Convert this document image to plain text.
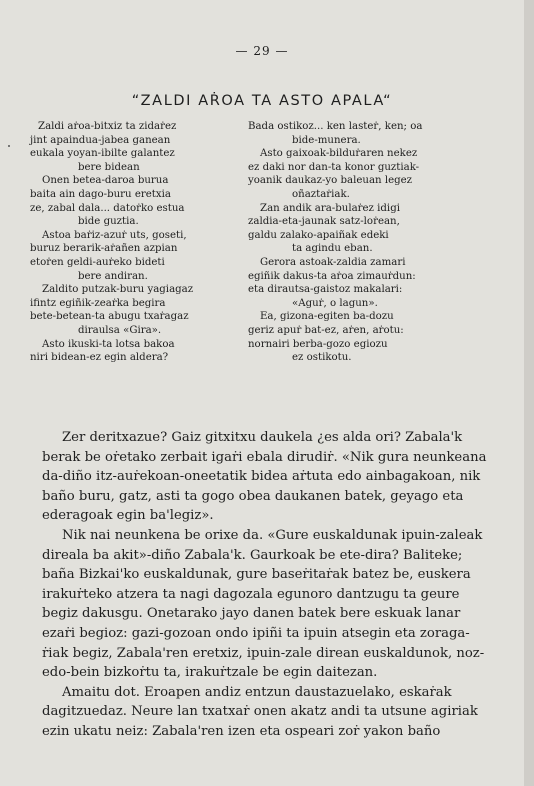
— 29 —
“ZALDI AṘOA TA ASTO APALA“
Zaldi aṙoa-bitxiz ta zidaṙez
jint apaindua-jabea ganean
eukala yoyan-ibilte galantez
bere bidean
Onen betea-daroa buruа
baita ain dago-buru eretxia
ze, zabal dala... datoṙko estua
bide guztia.
Astoa baṙiz-azuṙ uts, goseti,
buruz berarik-aṙañen azpian
etoṙen geldi-auṙeko bideti
bere andiran.
Zaldito putzak-buru yagiagaz
ifintz egiñik-zeaṙka begira
bete-betean-ta abugu txaṙagaz
diraulsa «Gira».
Asto ikuski-ta lotsa bakoa
niri bidean-ez egin aldera?
Bada ostikoz... ken lasteṙ, ken; oa
bide-munera.
Asto gaixoak-bilduṙaren nekez
ez daki nor dan-ta konor guztiak-
yoanik daukaz-yo baleuan legez
oñaztaṙiak.
Zan andik ara-bulaṙez idigi
zaldia-eta-jaunak satz-loṙean,
galdu zalako-apaiñak edeki
ta agindu eban.
Gerora astoak-zaldia zamari
egiñik dakus-ta aṙoa zimauṙdun:
eta dirautsa-gaistoz makalari:
«Aguṙ, o lagun».
Ea, gizona-egiten ba-dozu
geriz apuṙ bat-ez, aṙen, aṙotu:
nornairi berba-gozo egiozu
ez ostikotu.
Zer deritxazue? Gaiz gitxitxu daukela ¿es alda ori? Zabala'k
berak be oṙetako zerbait igaṙi ebala dirudiṙ. «Nik gura neunkeana
da-diño itz-auṙekoan-oneetatik bidea aṙtuta edo ainbagakoan, nik
baño buru, gatz, asti ta gogo obea daukanen batek, geyago eta
ederagoak egin ba'legiz».
Nik nai neunkena be orixe da. «Gure euskaldunak ipuin-zaleak
direala ba akit»-diño Zabala'k. Gaurkoak be ete-dira? Baliteke;
baña Bizkai'ko euskaldunak, gure baseṙitaṙak batez be, euskera
irakuṙteko atzera ta nagi dagozala egunoro dantzugu ta geure
begiz dakusgu. Onetarako jayo danen batek bere eskuak lanar
ezaṙi begioz: gazi-gozoan ondo ipiñi ta ipuin atsegin eta zoraga-
ṙiak begiz, Zabala'ren eretxiz, ipuin-zale direan euskaldunok, noz-
edo-bein bizkoṙtu ta, irakuṙtzale be egin daitezan.
Amaitu dot. Eroapen andiz entzun daustazuelako, eskaṙak
dagitzuedaz. Neure lan txatxaṙ onen akatz andi ta utsune agiriak
ezin ukatu neiz: Zabala'ren izen eta ospeari zoṙ yakon baño
